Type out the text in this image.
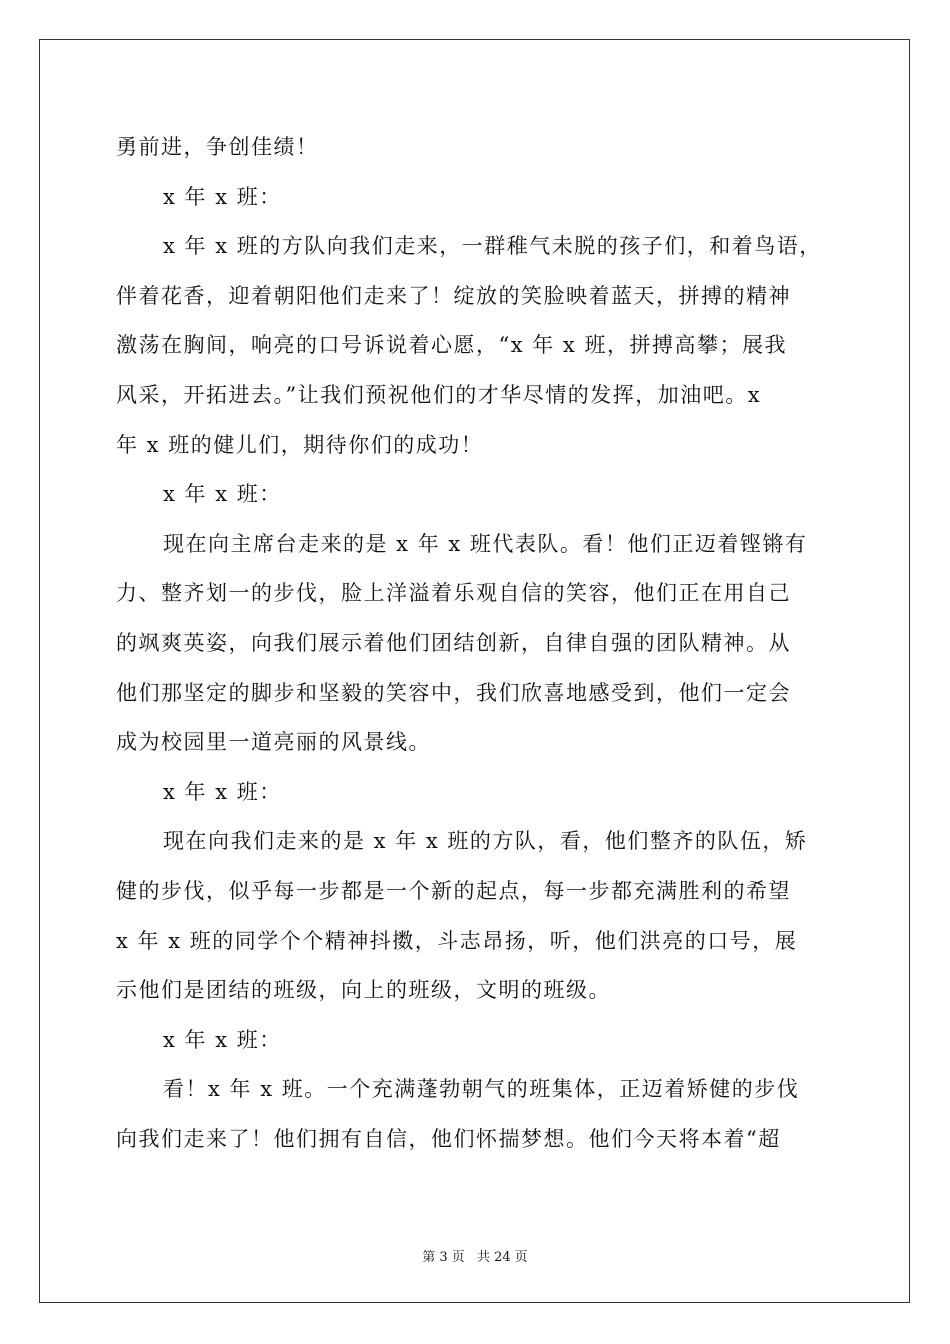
勇前进，争创佳绩！
x 年 x 班：
x 年 x 班的方队向我们走来，一群稚气未脱的孩子们，和着鸟语，
伴着花香，迎着朝阳他们走来了！绽放的笑脸映着蓝天，拼搏的精神
激荡在胸间，响亮的口号诉说着心愿，“x 年 x 班，拼搏高攀；展我
风采，开拓进去。”让我们预祝他们的才华尽情的发挥，加油吧。x
年 x 班的健儿们，期待你们的成功！
x 年 x 班：
现在向主席台走来的是 x 年 x 班代表队。看！他们正迈着铿锵有
力、整齐划一的步伐，脸上洋溢着乐观自信的笑容，他们正在用自己
的飒爽英姿，向我们展示着他们团结创新，自律自强的团队精神。从
他们那坚定的脚步和坚毅的笑容中，我们欣喜地感受到，他们一定会
成为校园里一道亮丽的风景线。
x 年 x 班：
现在向我们走来的是 x 年 x 班的方队，看，他们整齐的队伍，矫
健的步伐，似乎每一步都是一个新的起点，每一步都充满胜利的希望
x 年 x 班的同学个个精神抖擞，斗志昂扬，听，他们洪亮的口号，展
示他们是团结的班级，向上的班级，文明的班级。
x 年 x 班：
看！x 年 x 班。一个充满蓬勃朝气的班集体，正迈着矫健的步伐
向我们走来了！他们拥有自信，他们怀揣梦想。他们今天将本着“超
第 3 页 共 24 页
